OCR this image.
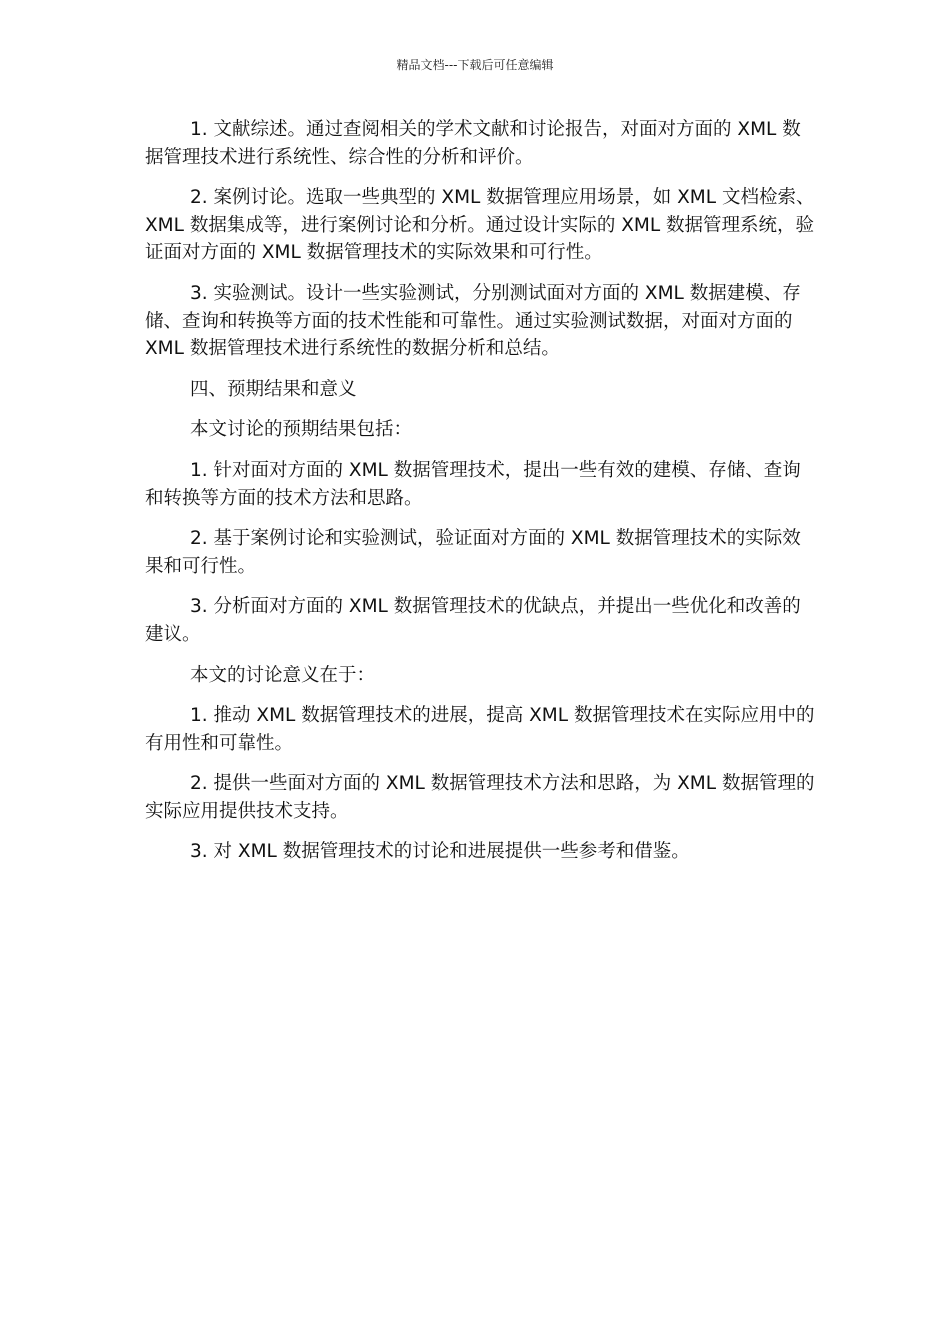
精品文档---下载后可任意编辑

1. 文献综述。通过查阅相关的学术文献和讨论报告，对面对方面的 XML 数据管理技术进行系统性、综合性的分析和评价。

2. 案例讨论。选取一些典型的 XML 数据管理应用场景，如 XML 文档检索、XML 数据集成等，进行案例讨论和分析。通过设计实际的 XML 数据管理系统，验证面对方面的 XML 数据管理技术的实际效果和可行性。

3. 实验测试。设计一些实验测试，分别测试面对方面的 XML 数据建模、存储、查询和转换等方面的技术性能和可靠性。通过实验测试数据，对面对方面的 XML 数据管理技术进行系统性的数据分析和总结。

四、预期结果和意义

本文讨论的预期结果包括：

1. 针对面对方面的 XML 数据管理技术，提出一些有效的建模、存储、查询和转换等方面的技术方法和思路。

2. 基于案例讨论和实验测试，验证面对方面的 XML 数据管理技术的实际效果和可行性。

3. 分析面对方面的 XML 数据管理技术的优缺点，并提出一些优化和改善的建议。

本文的讨论意义在于：

1. 推动 XML 数据管理技术的进展，提高 XML 数据管理技术在实际应用中的有用性和可靠性。

2. 提供一些面对方面的 XML 数据管理技术方法和思路，为 XML 数据管理的实际应用提供技术支持。

3. 对 XML 数据管理技术的讨论和进展提供一些参考和借鉴。
